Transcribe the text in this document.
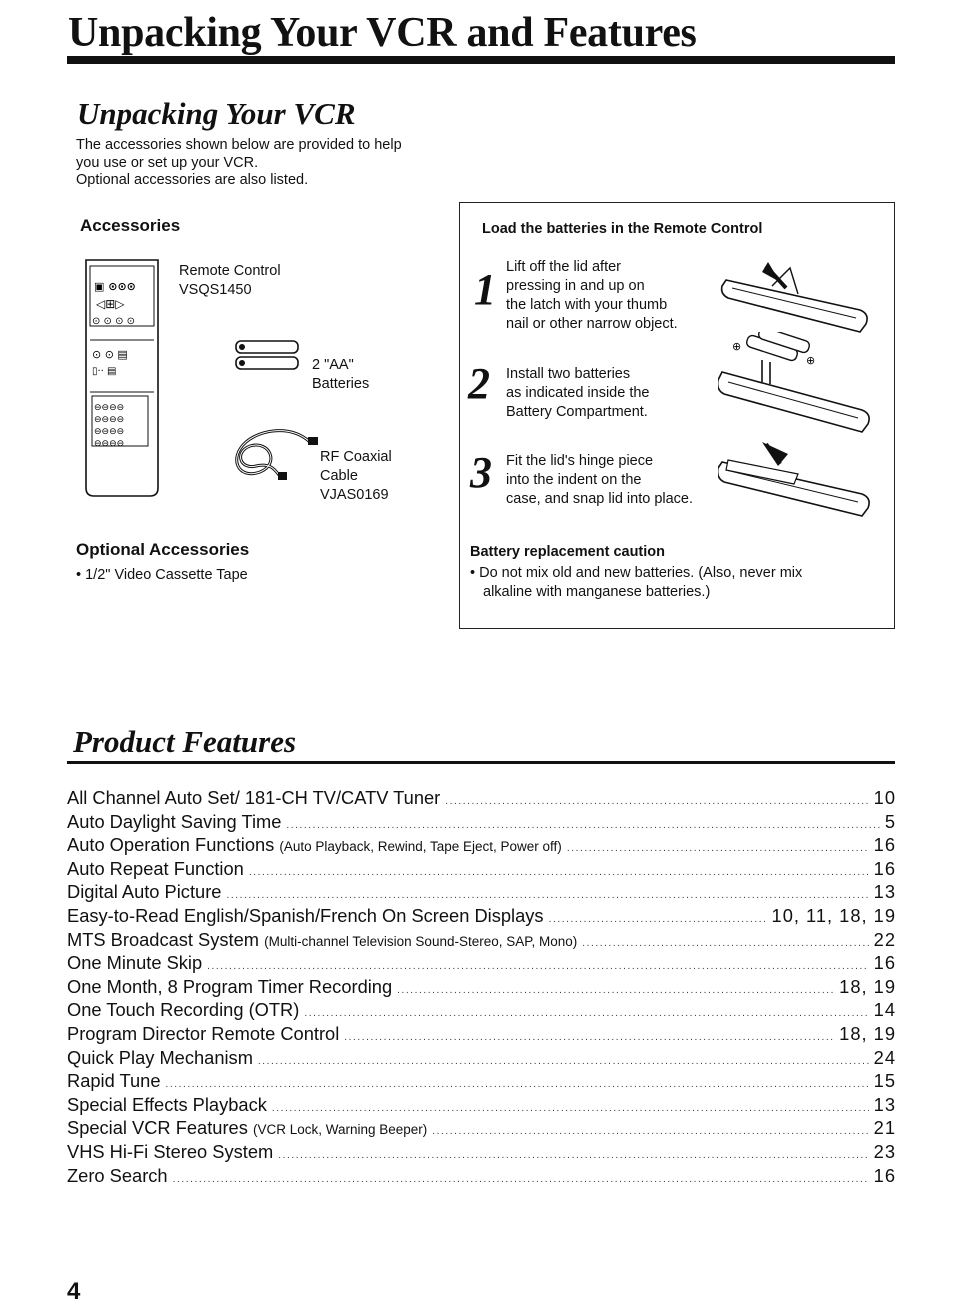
Unpacking Your VCR and Features
Unpacking Your VCR

The accessories shown below are provided to help

you use or set up your VCR.

Optional accessories are also listed.

Accessories
▣ ⊙⊙⊙
◁⊞▷
⊙ ⊙ ⊙ ⊙
⊙ ⊙ ▤
▯·· ▤
⊖⊖⊖⊖
⊖⊖⊖⊖
⊖⊖⊖⊖
⊖⊖⊖⊖
Remote Control
VSQS1450
2 "AA"
Batteries
RF Coaxial
Cable
VJAS0169
Optional Accessories
• 1/2" Video Cassette Tape
Load the batteries in the Remote Control
1 Lift off the lid after
pressing in and up on
the latch with your thumb
nail or other narrow object.
2 Install two batteries
as indicated inside the
Battery Compartment.
3 Fit the lid's hinge piece
into the indent on the
case, and snap lid into place.
⊕
⊕
Battery replacement caution
• Do not mix old and new batteries. (Also, never mix
alkaline with manganese batteries.)
Product Features
All Channel Auto Set/ 181-CH TV/CATV Tuner .....	10
Auto Daylight Saving Time .....	5
Auto Operation Functions
(Auto Playback, Rewind, Tape Eject, Power off) .....	16
Auto Repeat Function .....	16
Digital Auto Picture .....	13
Easy-to-Read English/Spanish/French On Screen Displays .....	10, 11, 18, 19
MTS Broadcast System
(Multi-channel Television Sound-Stereo, SAP, Mono) .....	22
One Minute Skip .....	16
One Month, 8 Program Timer Recording .....	18, 19
One Touch Recording (OTR) .....	14
Program Director Remote Control .....	18, 19
Quick Play Mechanism .....	24
Rapid Tune .....	15
Special Effects Playback .....	13
Special VCR Features
(VCR Lock, Warning Beeper) .....	21
VHS Hi-Fi Stereo System .....	23
Zero Search .....	16
4
